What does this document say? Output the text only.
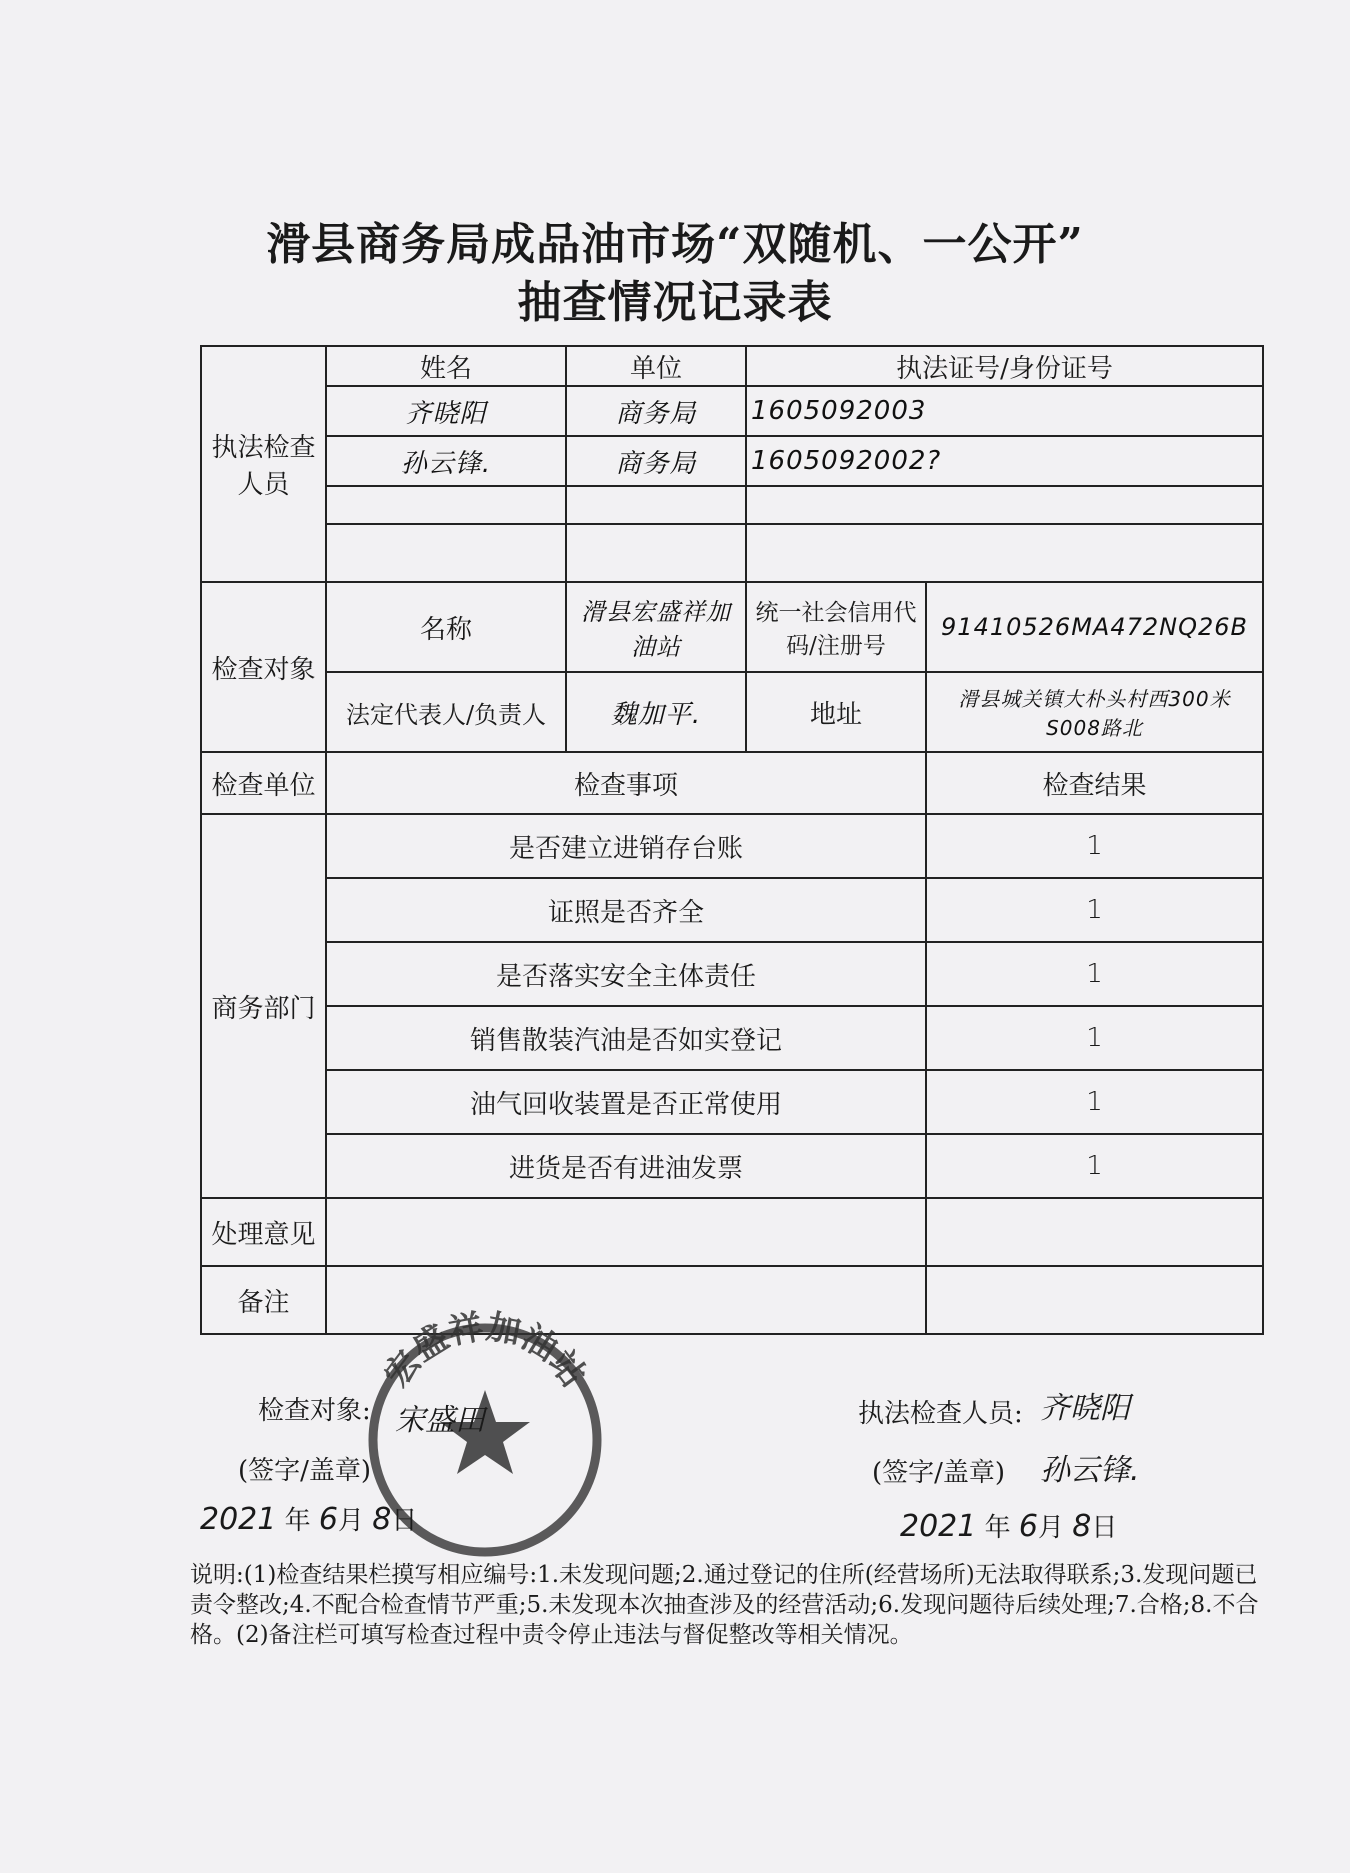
滑县商务局成品油市场“双随机、一公开”
抽查情况记录表
执法检查人员	姓名	单位	执法证号/身份证号	
	齐晓阳	商务局	1605092003	
	孙云锋.	商务局	1605092002?	

检查对象	名称	滑县宏盛祥加油站	统一社会信用代码/注册号	91410526MA472NQ26B
	法定代表人/负责人	魏加平.	地址	滑县城关镇大朴头村西300米S008路北
检查单位	检查事项			检查结果
商务部门	是否建立进销存台账			1
	证照是否齐全			1
	是否落实安全主体责任			1
	销售散装汽油是否如实登记			1
	油气回收装置是否正常使用			1
	进货是否有进油发票			1
处理意见				
备注				
宏盛祥加油站
检查对象: 宋盛田
(签字/盖章)
2021 年 6月 8日
执法检查人员: 齐晓阳
(签字/盖章) 孙云锋.
2021 年 6月 8日
说明:(1)检查结果栏摸写相应编号:1.未发现问题;2.通过登记的住所(经营场所)无法取得联系;3.发现问题已责令整改;4.不配合检查情节严重;5.未发现本次抽查涉及的经营活动;6.发现问题待后续处理;7.合格;8.不合格。(2)备注栏可填写检查过程中责令停止违法与督促整改等相关情况。
